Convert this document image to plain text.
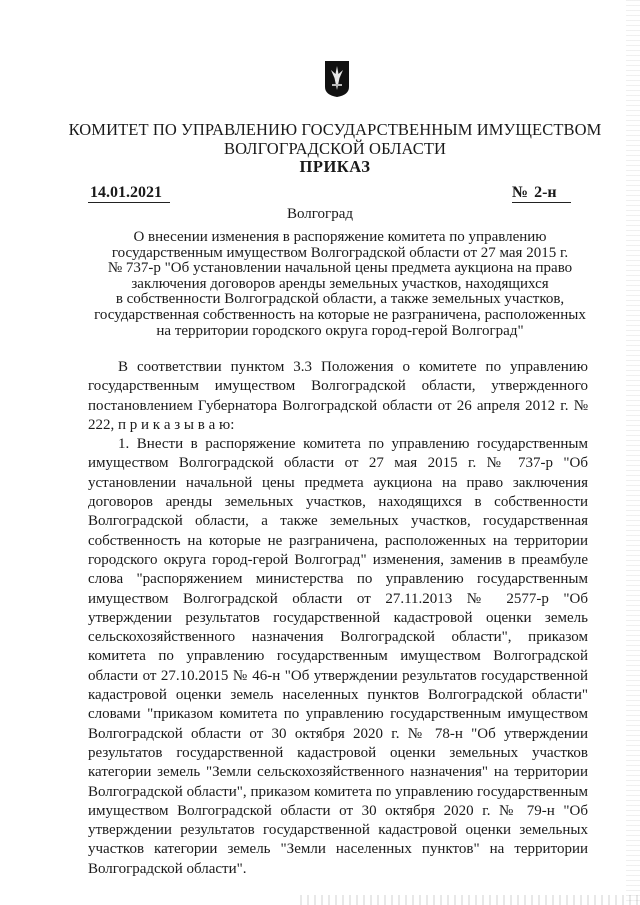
КОМИТЕТ ПО УПРАВЛЕНИЮ ГОСУДАРСТВЕННЫМ ИМУЩЕСТВОМ
ВОЛГОГРАДСКОЙ ОБЛАСТИ
ПРИКАЗ
14.01.2021	№ 2-н
Волгоград
О внесении изменения в распоряжение комитета по управлению
государственным имуществом Волгоградской области от 27 мая 2015 г.
№ 737-р "Об установлении начальной цены предмета аукциона на право
заключения договоров аренды земельных участков, находящихся
в собственности Волгоградской области, а также земельных участков,
государственная собственность на которые не разграничена, расположенных
на территории городского округа город-герой Волгоград"

В соответствии пунктом 3.3 Положения о комитете по управлению государственным имуществом Волгоградской области, утвержденного постановлением Губернатора Волгоградской области от 26 апреля 2012 г. № 222, п р и к а з ы в а ю:

1. Внести в распоряжение комитета по управлению государственным имуществом Волгоградской области от 27 мая 2015 г. № 737-р "Об установлении начальной цены предмета аукциона на право заключения договоров аренды земельных участков, находящихся в собственности Волгоградской области, а также земельных участков, государственная собственность на которые не разграничена, расположенных на территории городского округа город-герой Волгоград" изменения, заменив в преамбуле слова "распоряжением министерства по управлению государственным имуществом Волгоградской области от 27.11.2013 № 2577-р "Об утверждении результатов государственной кадастровой оценки земель сельскохозяйственного назначения Волгоградской области", приказом комитета по управлению государственным имуществом Волгоградской области от 27.10.2015 № 46-н "Об утверждении результатов государственной кадастровой оценки земель населенных пунктов Волгоградской области" словами "приказом комитета по управлению государственным имуществом Волгоградской области от 30 октября 2020 г. № 78-н "Об утверждении результатов государственной кадастровой оценки земельных участков категории земель "Земли сельскохозяйственного назначения" на территории Волгоградской области", приказом комитета по управлению государственным имуществом Волгоградской области от 30 октября 2020 г. № 79-н "Об утверждении результатов государственной кадастровой оценки земельных участков категории земель "Земли населенных пунктов" на территории Волгоградской области".
